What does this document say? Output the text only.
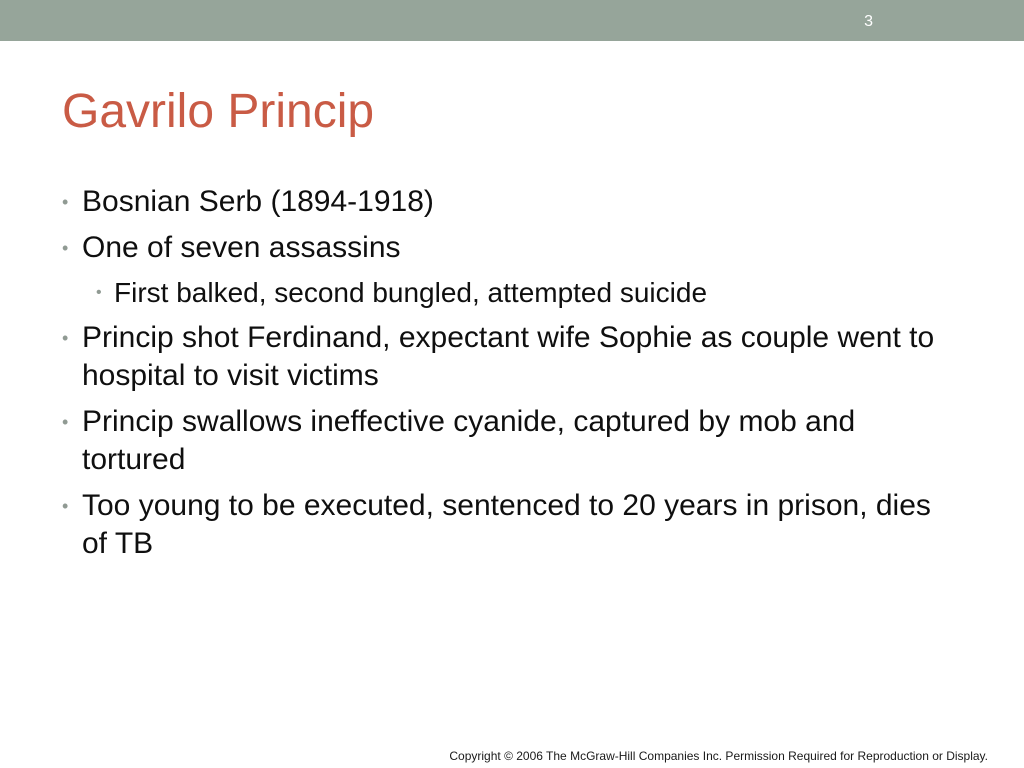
3
Gavrilo Princip
• Bosnian Serb (1894-1918)
• One of seven assassins
• First balked, second bungled, attempted suicide
• Princip shot Ferdinand, expectant wife Sophie as couple went to hospital to visit victims
• Princip swallows ineffective cyanide, captured by mob and tortured
• Too young to be executed, sentenced to 20 years in prison, dies of TB
Copyright © 2006 The McGraw-Hill Companies Inc. Permission Required for Reproduction or Display.
